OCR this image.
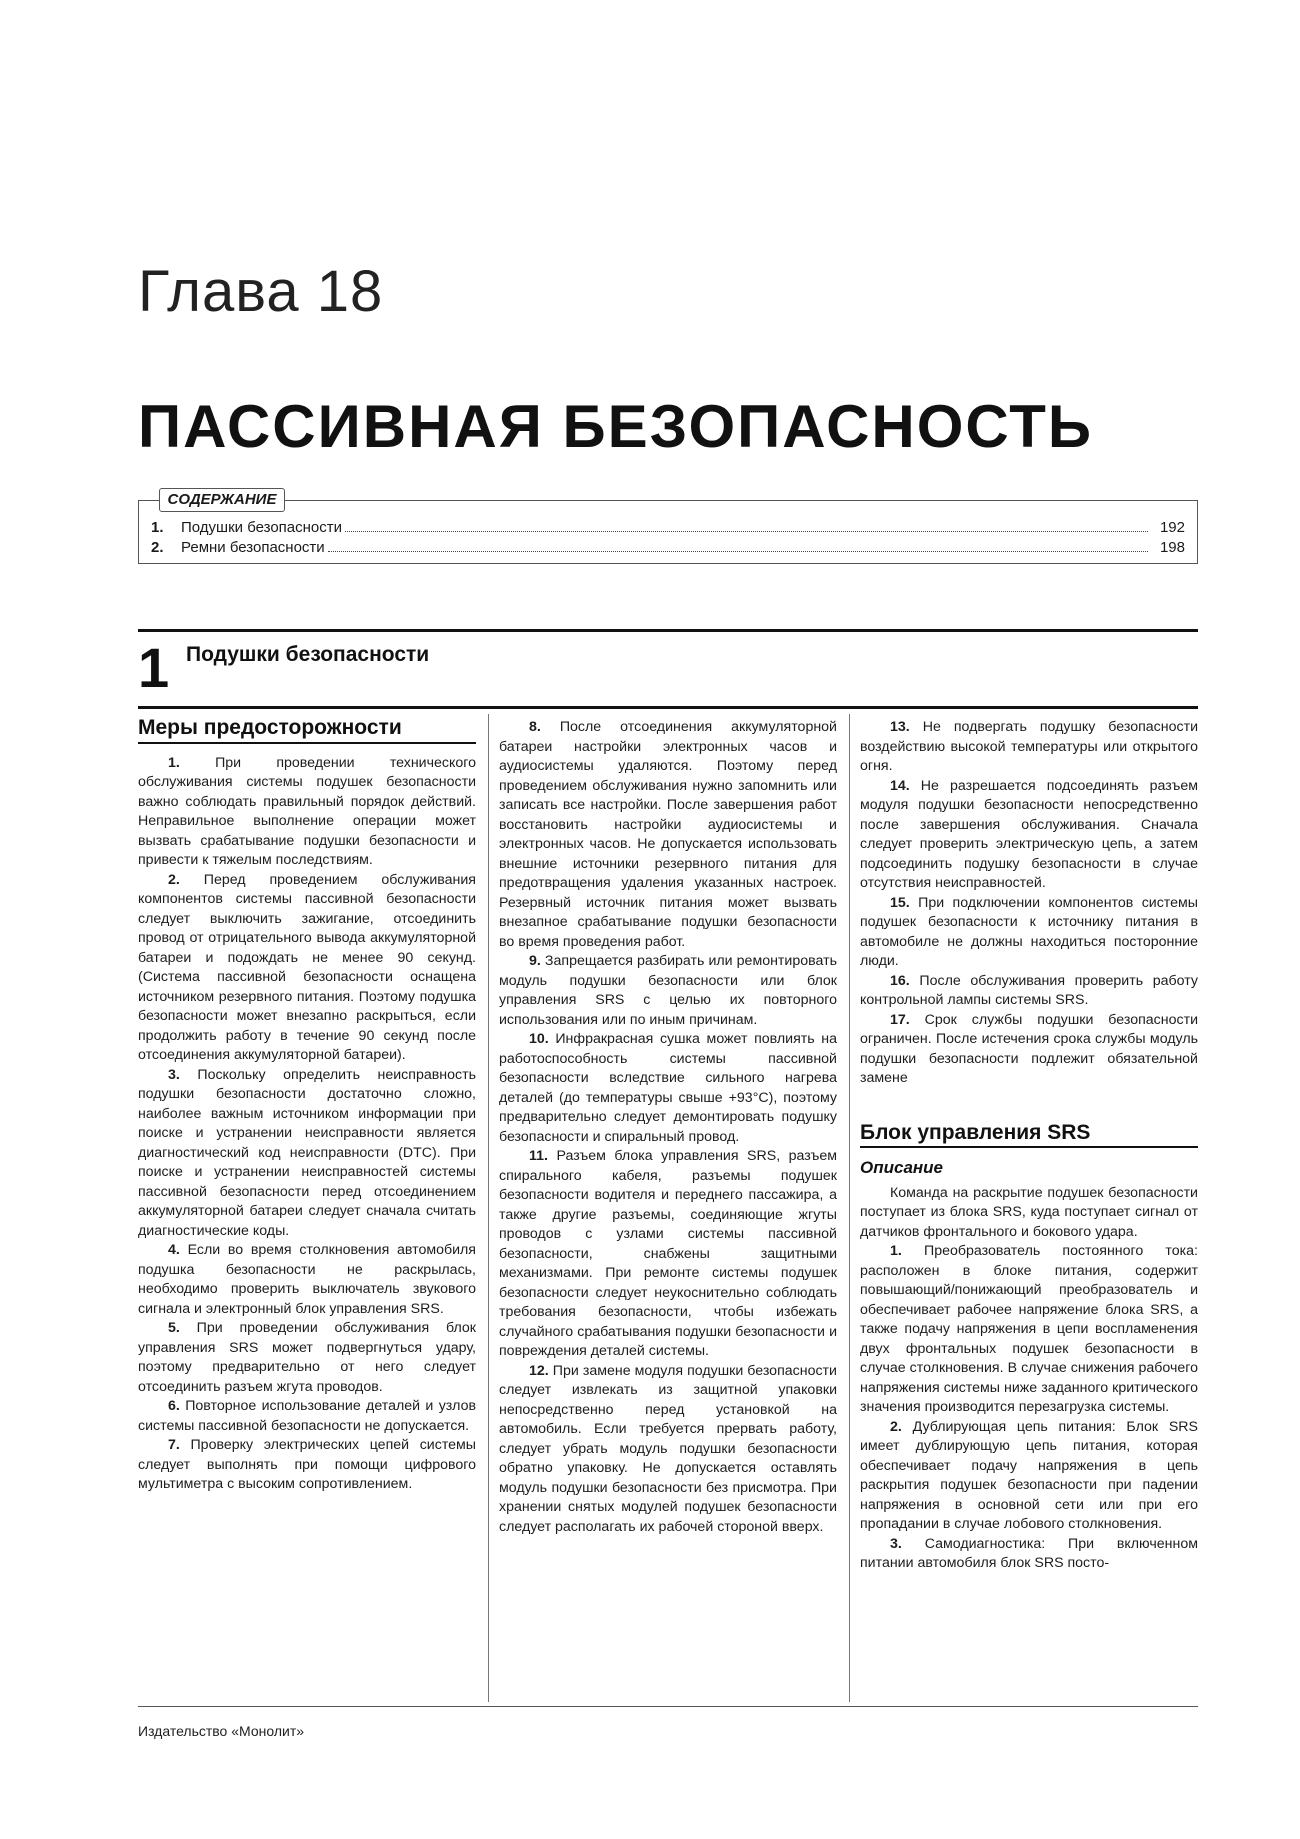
Глава 18
ПАССИВНАЯ БЕЗОПАСНОСТЬ
СОДЕРЖАНИЕ
1.	Подушки безопасности	192
2.	Ремни безопасности	198
1 Подушки безопасности
Меры предосторожности

1. При проведении технического обслуживания системы подушек безопасности важно соблюдать правильный порядок действий. Неправильное выполнение операции может вызвать срабатывание подушки безопасности и привести к тяжелым последствиям.

2. Перед проведением обслуживания компонентов системы пассивной безопасности следует выключить зажигание, отсоединить провод от отрицательного вывода аккумуляторной батареи и подождать не менее 90 секунд. (Система пассивной безопасности оснащена источником резервного питания. Поэтому подушка безопасности может внезапно раскрыться, если продолжить работу в течение 90 секунд после отсоединения аккумуляторной батареи).

3. Поскольку определить неисправность подушки безопасности достаточно сложно, наиболее важным источником информации при поиске и устранении неисправности является диагностический код неисправности (DTC). При поиске и устранении неисправностей системы пассивной безопасности перед отсоединением аккумуляторной батареи следует сначала считать диагностические коды.

4. Если во время столкновения автомобиля подушка безопасности не раскрылась, необходимо проверить выключатель звукового сигнала и электронный блок управления SRS.

5. При проведении обслуживания блок управления SRS может подвергнуться удару, поэтому предварительно от него следует отсоединить разъем жгута проводов.

6. Повторное использование деталей и узлов системы пассивной безопасности не допускается.

7. Проверку электрических цепей системы следует выполнять при помощи цифрового мультиметра с высоким сопротивлением.

8. После отсоединения аккумуляторной батареи настройки электронных часов и аудиосистемы удаляются. Поэтому перед проведением обслуживания нужно запомнить или записать все настройки. После завершения работ восстановить настройки аудиосистемы и электронных часов. Не допускается использовать внешние источники резервного питания для предотвращения удаления указанных настроек. Резервный источник питания может вызвать внезапное срабатывание подушки безопасности во время проведения работ.

9. Запрещается разбирать или ремонтировать модуль подушки безопасности или блок управления SRS с целью их повторного использования или по иным причинам.

10. Инфракрасная сушка может повлиять на работоспособность системы пассивной безопасности вследствие сильного нагрева деталей (до температуры свыше +93°С), поэтому предварительно следует демонтировать подушку безопасности и спиральный провод.

11. Разъем блока управления SRS, разъем спирального кабеля, разъемы подушек безопасности водителя и переднего пассажира, а также другие разъемы, соединяющие жгуты проводов с узлами системы пассивной безопасности, снабжены защитными механизмами. При ремонте системы подушек безопасности следует неукоснительно соблюдать требования безопасности, чтобы избежать случайного срабатывания подушки безопасности и повреждения деталей системы.

12. При замене модуля подушки безопасности следует извлекать из защитной упаковки непосредственно перед установкой на автомобиль. Если требуется прервать работу, следует убрать модуль подушки безопасности обратно упаковку. Не допускается оставлять модуль подушки безопасности без присмотра. При хранении снятых модулей подушек безопасности следует располагать их рабочей стороной вверх.

13. Не подвергать подушку безопасности воздействию высокой температуры или открытого огня.

14. Не разрешается подсоединять разъем модуля подушки безопасности непосредственно после завершения обслуживания. Сначала следует проверить электрическую цепь, а затем подсоединить подушку безопасности в случае отсутствия неисправностей.

15. При подключении компонентов системы подушек безопасности к источнику питания в автомобиле не должны находиться посторонние люди.

16. После обслуживания проверить работу контрольной лампы системы SRS.

17. Срок службы подушки безопасности ограничен. После истечения срока службы модуль подушки безопасности подлежит обязательной замене

Блок управления SRS
Описание

Команда на раскрытие подушек безопасности поступает из блока SRS, куда поступает сигнал от датчиков фронтального и бокового удара.

1. Преобразователь постоянного тока: расположен в блоке питания, содержит повышающий/понижающий преобразователь и обеспечивает рабочее напряжение блока SRS, а также подачу напряжения в цепи воспламенения двух фронтальных подушек безопасности в случае столкновения. В случае снижения рабочего напряжения системы ниже заданного критического значения производится перезагрузка системы.

2. Дублирующая цепь питания: Блок SRS имеет дублирующую цепь питания, которая обеспечивает подачу напряжения в цепь раскрытия подушек безопасности при падении напряжения в основной сети или при его пропадании в случае лобового столкновения.

3. Самодиагностика: При включенном питании автомобиля блок SRS посто-

Издательство «Монолит»
